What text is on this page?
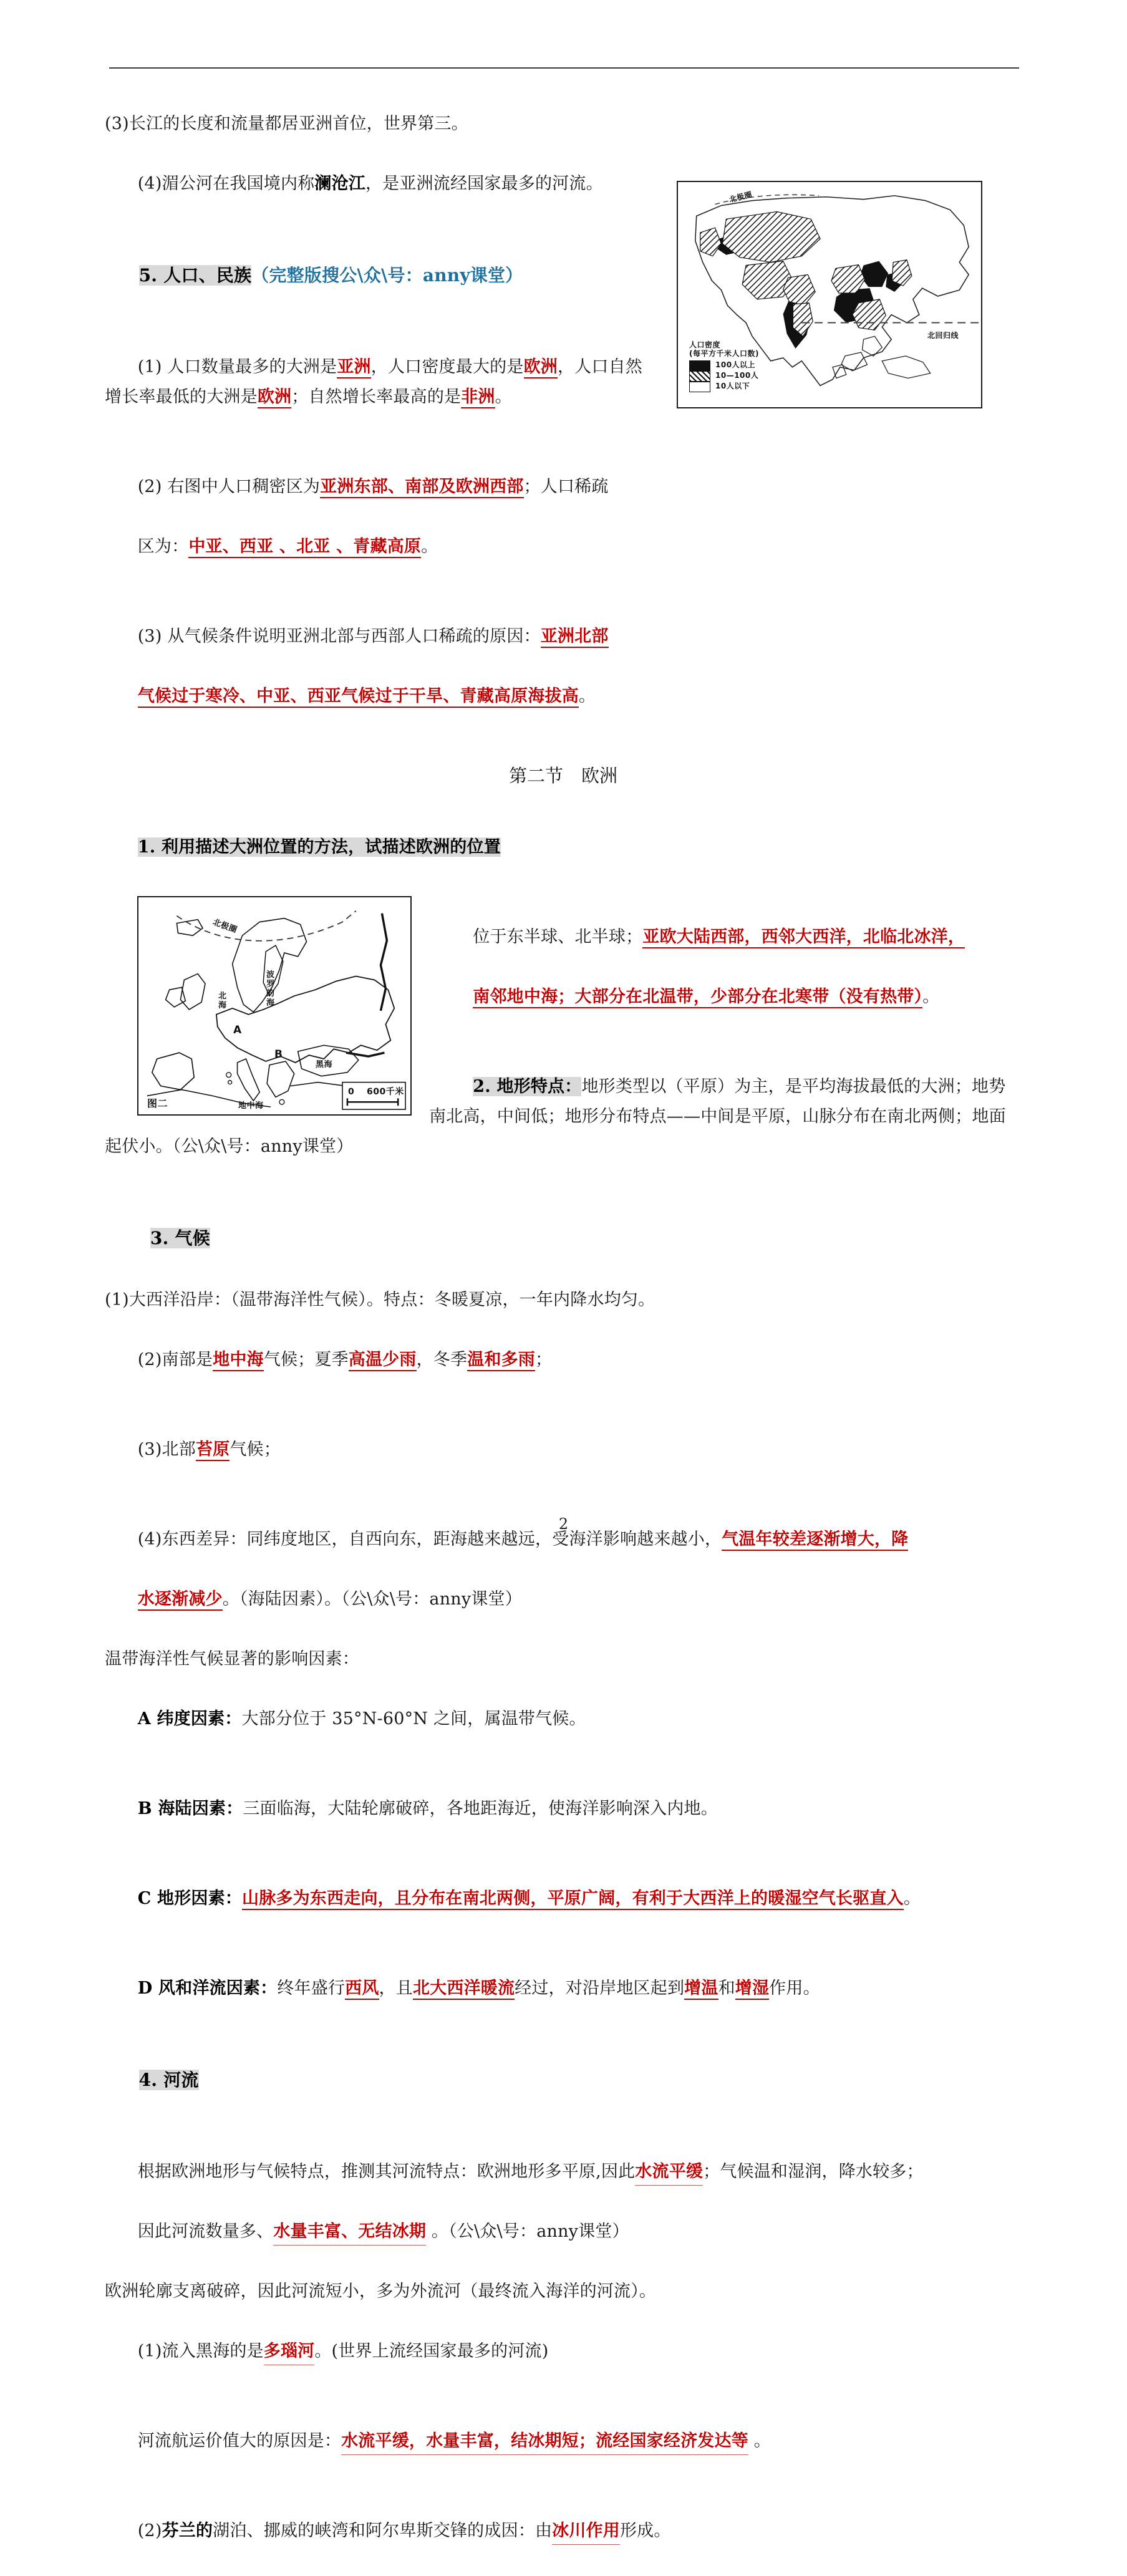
北极圈
北回归线
人口密度
(每平方千米人口数)
100人以上
10—100人
10人以下
(3)长江的长度和流量都居亚洲首位，世界第三。

(4)湄公河在我国境内称澜沧江，是亚洲流经国家最多的河流。

5. 人口、民族（完整版搜公\众\号：anny课堂）

(1) 人口数量最多的大洲是亚洲，人口密度最大的是欧洲，人口自然增长率最低的大洲是欧洲；自然增长率最高的是非洲。

(2) 右图中人口稠密区为亚洲东部、南部及欧洲西部；人口稀疏

区为：中亚、西亚 、北亚 、青藏高原。

(3) 从气候条件说明亚洲北部与西部人口稀疏的原因：亚洲北部

气候过于寒冷、中亚、西亚气候过于干旱、青藏高原海拔高。

第二节　欧洲

1. 利用描述大洲位置的方法，试描述欧洲的位置

北极圈
北海
波罗的海
黑海
地中海
A
B
图二
0 600千米

位于东半球、北半球；亚欧大陆西部，西邻大西洋，北临北冰洋，

南邻地中海；大部分在北温带，少部分在北寒带（没有热带）。

2. 地形特点：地形类型以（平原）为主，是平均海拔最低的大洲；地势南北高，中间低；地形分布特点——中间是平原，山脉分布在南北两侧；地面起伏小。（公\众\号：anny课堂）

3. 气候

(1)大西洋沿岸：（温带海洋性气候）。特点：冬暖夏凉，一年内降水均匀。

(2)南部是地中海气候；夏季高温少雨，冬季温和多雨；

(3)北部苔原气候；

(4)东西差异：同纬度地区，自西向东，距海越来越远，受海洋影响越来越小，气温年较差逐渐增大，降

水逐渐减少。（海陆因素）。（公\众\号：anny课堂）

温带海洋性气候显著的影响因素：

A 纬度因素：大部分位于 35°N-60°N 之间，属温带气候。

B 海陆因素：三面临海，大陆轮廓破碎，各地距海近，使海洋影响深入内地。

C 地形因素：山脉多为东西走向，且分布在南北两侧，平原广阔，有利于大西洋上的暖湿空气长驱直入。

D 风和洋流因素：终年盛行西风，且北大西洋暖流经过，对沿岸地区起到增温和增湿作用。

4. 河流

根据欧洲地形与气候特点，推测其河流特点：欧洲地形多平原,因此水流平缓；气候温和湿润，降水较多；

因此河流数量多、水量丰富、无结冰期 。（公\众\号：anny课堂）

欧洲轮廓支离破碎，因此河流短小，多为外流河（最终流入海洋的河流）。

(1)流入黑海的是多瑙河。(世界上流经国家最多的河流)

河流航运价值大的原因是：水流平缓，水量丰富，结冰期短；流经国家经济发达等 。

(2)芬兰的湖泊、挪威的峡湾和阿尔卑斯交锋的成因：由冰川作用形成。

2
